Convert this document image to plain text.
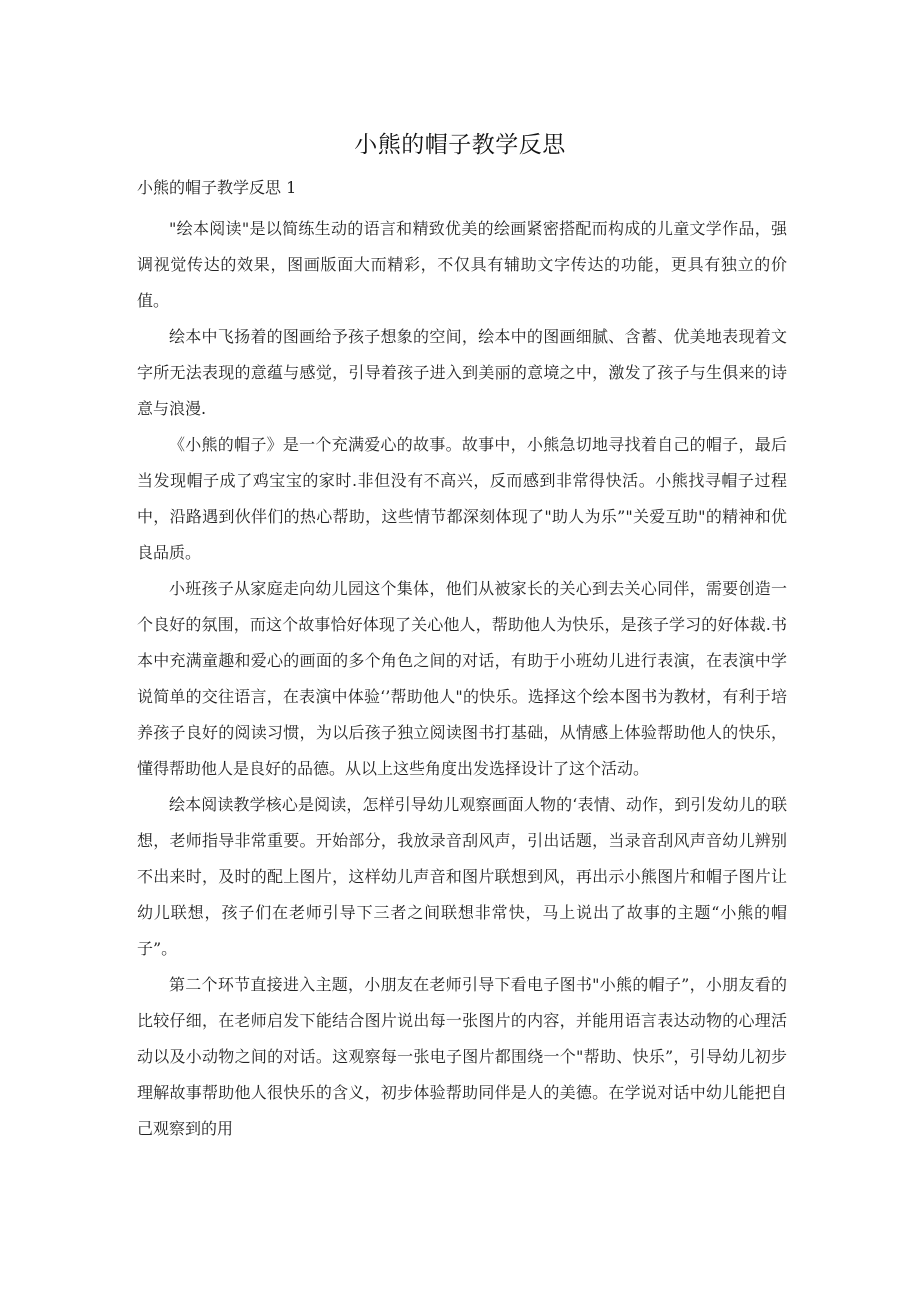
小熊的帽子教学反思

小熊的帽子教学反思 1

"绘本阅读"是以简练生动的语言和精致优美的绘画紧密搭配而构成的儿童文学作品，强调视觉传达的效果，图画版面大而精彩，不仅具有辅助文字传达的功能，更具有独立的价值。

绘本中飞扬着的图画给予孩子想象的空间，绘本中的图画细腻、含蓄、优美地表现着文字所无法表现的意蕴与感觉，引导着孩子进入到美丽的意境之中，激发了孩子与生俱来的诗意与浪漫.

《小熊的帽子》是一个充满爱心的故事。故事中，小熊急切地寻找着自己的帽子，最后当发现帽子成了鸡宝宝的家时.非但没有不高兴，反而感到非常得快活。小熊找寻帽子过程中，沿路遇到伙伴们的热心帮助，这些情节都深刻体现了"助人为乐”"关爱互助"的精神和优良品质。

小班孩子从家庭走向幼儿园这个集体，他们从被家长的关心到去关心同伴，需要创造一个良好的氛围，而这个故事恰好体现了关心他人，帮助他人为快乐，是孩子学习的好体裁.书本中充满童趣和爱心的画面的多个角色之间的对话，有助于小班幼儿进行表演，在表演中学说简单的交往语言，在表演中体验‘’帮助他人"的快乐。选择这个绘本图书为教材，有利于培养孩子良好的阅读习惯，为以后孩子独立阅读图书打基础，从情感上体验帮助他人的快乐，懂得帮助他人是良好的品德。从以上这些角度出发选择设计了这个活动。

绘本阅读教学核心是阅读，怎样引导幼儿观察画面人物的‘表情、动作，到引发幼儿的联想，老师指导非常重要。开始部分，我放录音刮风声，引出话题，当录音刮风声音幼儿辨别不出来时，及时的配上图片，这样幼儿声音和图片联想到风，再出示小熊图片和帽子图片让幼儿联想，孩子们在老师引导下三者之间联想非常快，马上说出了故事的主题“小熊的帽子”。

第二个环节直接进入主题，小朋友在老师引导下看电子图书"小熊的帽子”，小朋友看的比较仔细，在老师启发下能结合图片说出每一张图片的内容，并能用语言表达动物的心理活动以及小动物之间的对话。这观察每一张电子图片都围绕一个"帮助、快乐”，引导幼儿初步理解故事帮助他人很快乐的含义，初步体验帮助同伴是人的美德。在学说对话中幼儿能把自己观察到的用
